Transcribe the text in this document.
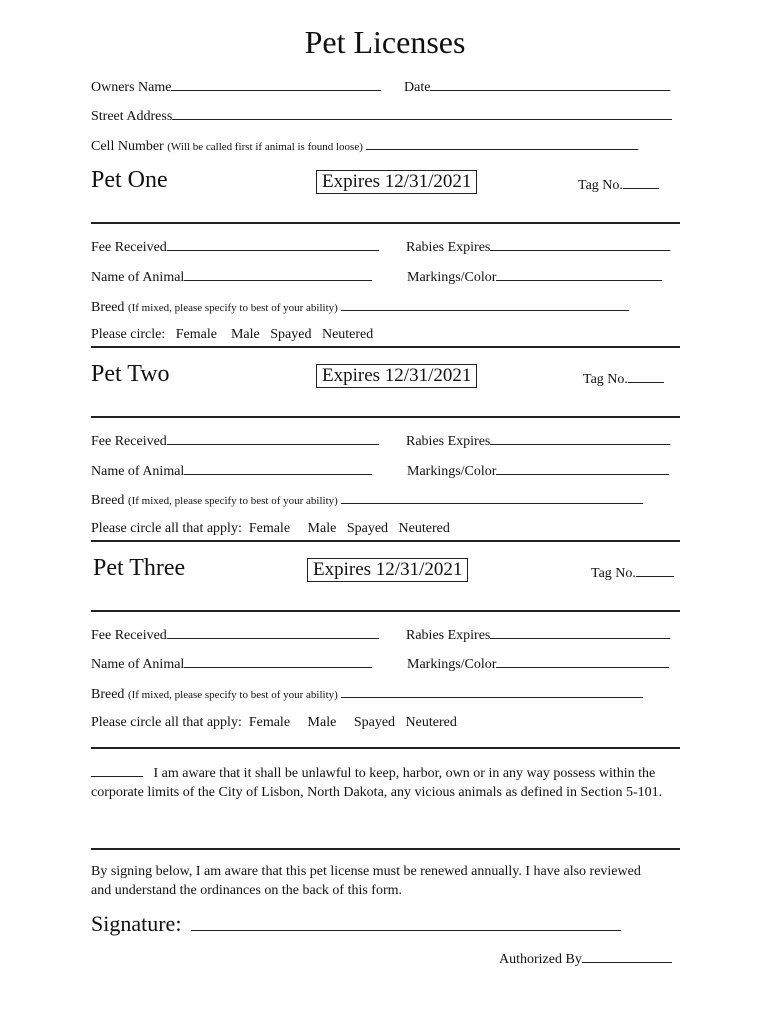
Pet Licenses
Owners Name	Date
Street Address
Cell Number (Will be called first if animal is found loose)
Pet One	Expires 12/31/2021	Tag No.
Fee Received	Rabies Expires
Name of Animal	Markings/Color
Breed (If mixed, please specify to best of your ability)
Please circle: Female Male Spayed Neutered
Pet Two	Expires 12/31/2021	Tag No.
Fee Received	Rabies Expires
Name of Animal	Markings/Color
Breed (If mixed, please specify to best of your ability)
Please circle all that apply: Female Male Spayed Neutered
Pet Three	Expires 12/31/2021	Tag No.
Fee Received	Rabies Expires
Name of Animal	Markings/Color
Breed (If mixed, please specify to best of your ability)
Please circle all that apply: Female Male Spayed Neutered
I am aware that it shall be unlawful to keep, harbor, own or in any way possess within the corporate limits of the City of Lisbon, North Dakota, any vicious animals as defined in Section 5-101.
By signing below, I am aware that this pet license must be renewed annually. I have also reviewed and understand the ordinances on the back of this form.
Signature:
Authorized By
